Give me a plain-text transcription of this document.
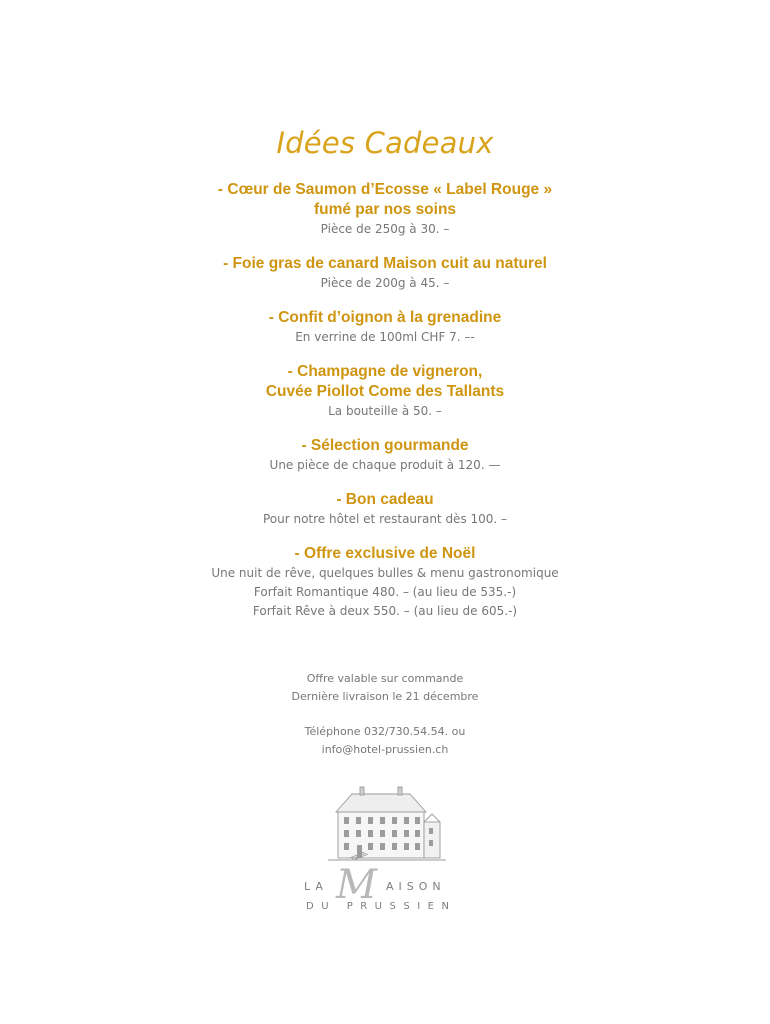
Idées Cadeaux
- Cœur de Saumon d’Ecosse « Label Rouge »
fumé par nos soins
Pièce de 250g à 30. –
- Foie gras de canard Maison cuit au naturel
Pièce de 200g à 45. –
- Confit d’oignon à la grenadine
En verrine de 100ml CHF 7. –-
- Champagne de vigneron,
Cuvée Piollot Come des Tallants
La bouteille à 50. –
- Sélection gourmande
Une pièce de chaque produit à 120. —
- Bon cadeau
Pour notre hôtel et restaurant dès 100. –
- Offre exclusive de Noël
Une nuit de rêve, quelques bulles & menu gastronomique
Forfait Romantique 480. – (au lieu de 535.-)
Forfait Rêve à deux 550. – (au lieu de 605.-)
Offre valable sur commande
Dernière livraison le 21 décembre
Téléphone 032/730.54.54. ou
info@hotel-prussien.ch
LA M AISON
DU PRUSSIEN
